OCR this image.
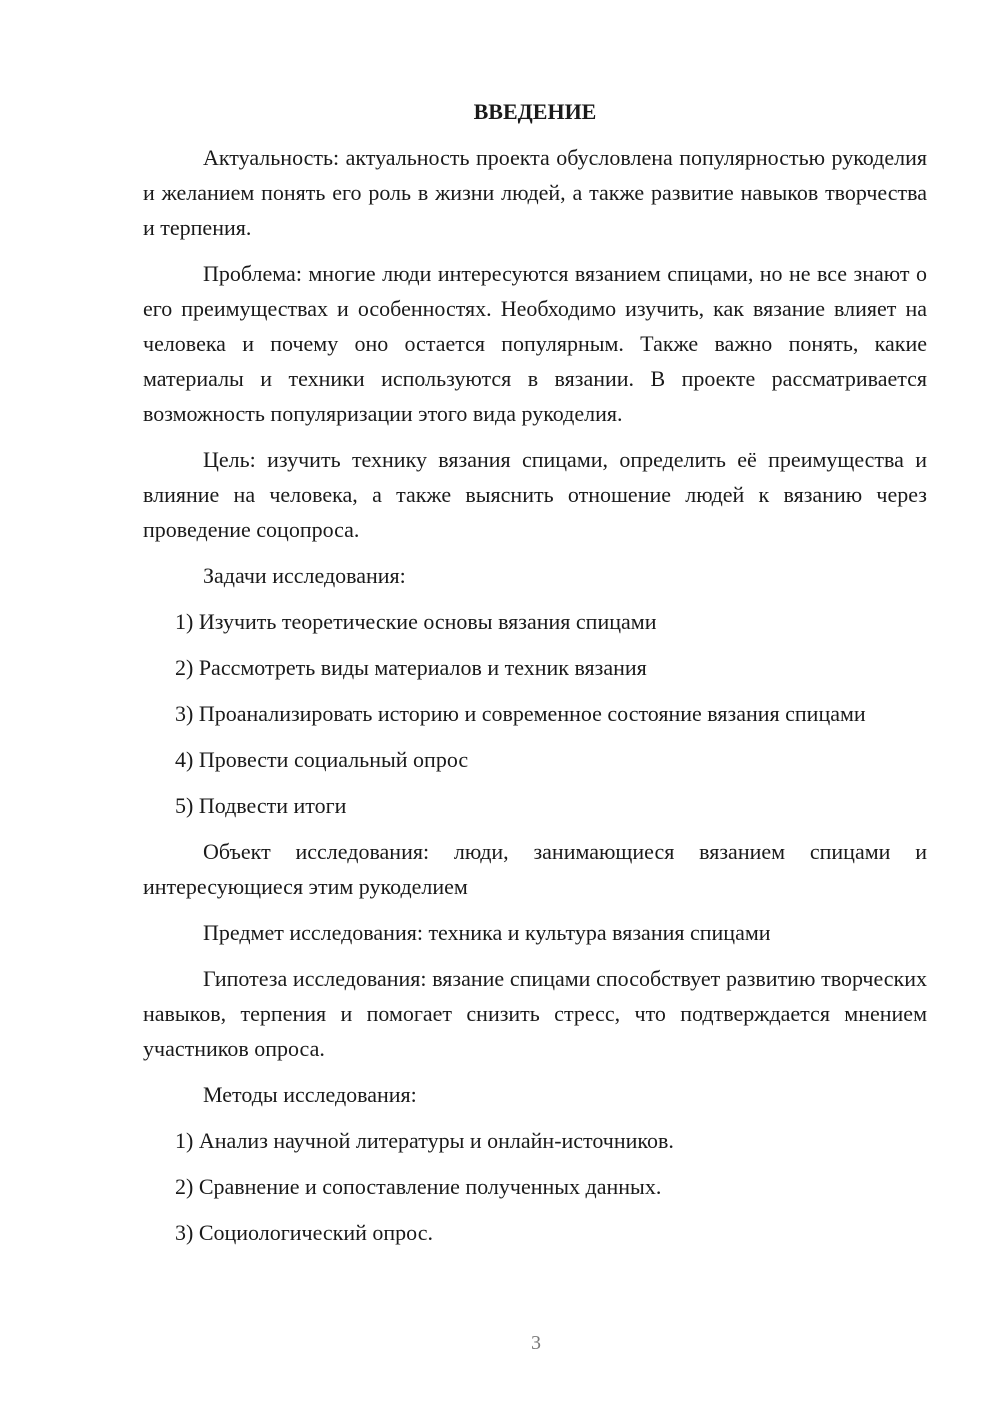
ВВЕДЕНИЕ
Актуальность: актуальность проекта обусловлена популярностью рукоделия и желанием понять его роль в жизни людей, а также развитие навыков творчества и терпения.
Проблема: многие люди интересуются вязанием спицами, но не все знают о его преимуществах и особенностях. Необходимо изучить, как вязание влияет на человека и почему оно остается популярным. Также важно понять, какие материалы и техники используются в вязании. В проекте рассматривается возможность популяризации этого вида рукоделия.
Цель: изучить технику вязания спицами, определить её преимущества и влияние на человека, а также выяснить отношение людей к вязанию через проведение соцопроса.
Задачи исследования:
1) Изучить теоретические основы вязания спицами
2) Рассмотреть виды материалов и техник вязания
3) Проанализировать историю и современное состояние вязания спицами
4) Провести социальный опрос
5) Подвести итоги
Объект исследования: люди, занимающиеся вязанием спицами и интересующиеся этим рукоделием
Предмет исследования: техника и культура вязания спицами
Гипотеза исследования: вязание спицами способствует развитию творческих навыков, терпения и помогает снизить стресс, что подтверждается мнением участников опроса.
Методы исследования:
1) Анализ научной литературы и онлайн-источников.
2) Сравнение и сопоставление полученных данных.
3) Социологический опрос.
3
